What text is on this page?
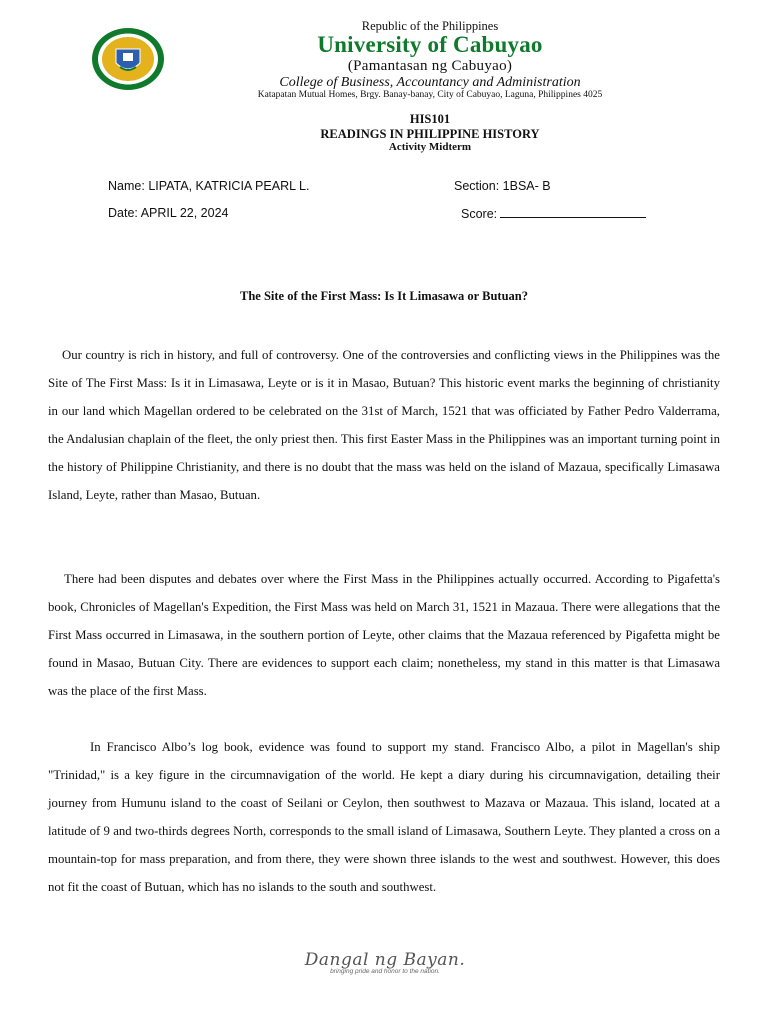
Republic of the Philippines
University of Cabuyao
(Pamantasan ng Cabuyao)
College of Business, Accountancy and Administration
Katapatan Mutual Homes, Brgy. Banay-banay, City of Cabuyao, Laguna, Philippines 4025
HIS101
READINGS IN PHILIPPINE HISTORY
Activity Midterm
Name: LIPATA, KATRICIA PEARL L.	Section: 1BSA- B
Date: APRIL 22, 2024	Score:
The Site of the First Mass: Is It Limasawa or Butuan?

Our country is rich in history, and full of controversy. One of the controversies and conflicting views in the Philippines was the Site of The First Mass: Is it in Limasawa, Leyte or is it in Masao, Butuan? This historic event marks the beginning of christianity in our land which Magellan ordered to be celebrated on the 31st of March, 1521 that was officiated by Father Pedro Valderrama, the Andalusian chaplain of the fleet, the only priest then. This first Easter Mass in the Philippines was an important turning point in the history of Philippine Christianity, and there is no doubt that the mass was held on the island of Mazaua, specifically Limasawa Island, Leyte, rather than Masao, Butuan.

There had been disputes and debates over where the First Mass in the Philippines actually occurred. According to Pigafetta's book, Chronicles of Magellan's Expedition, the First Mass was held on March 31, 1521 in Mazaua. There were allegations that the First Mass occurred in Limasawa, in the southern portion of Leyte, other claims that the Mazaua referenced by Pigafetta might be found in Masao, Butuan City. There are evidences to support each claim; nonetheless, my stand in this matter is that Limasawa was the place of the first Mass.

In Francisco Albo’s log book, evidence was found to support my stand. Francisco Albo, a pilot in Magellan's ship "Trinidad," is a key figure in the circumnavigation of the world. He kept a diary during his circumnavigation, detailing their journey from Humunu island to the coast of Seilani or Ceylon, then southwest to Mazava or Mazaua. This island, located at a latitude of 9 and two-thirds degrees North, corresponds to the small island of Limasawa, Southern Leyte. They planted a cross on a mountain-top for mass preparation, and from there, they were shown three islands to the west and southwest. However, this does not fit the coast of Butuan, which has no islands to the south and southwest.

Dangal ng Bayan.
bringing pride and honor to the nation.
